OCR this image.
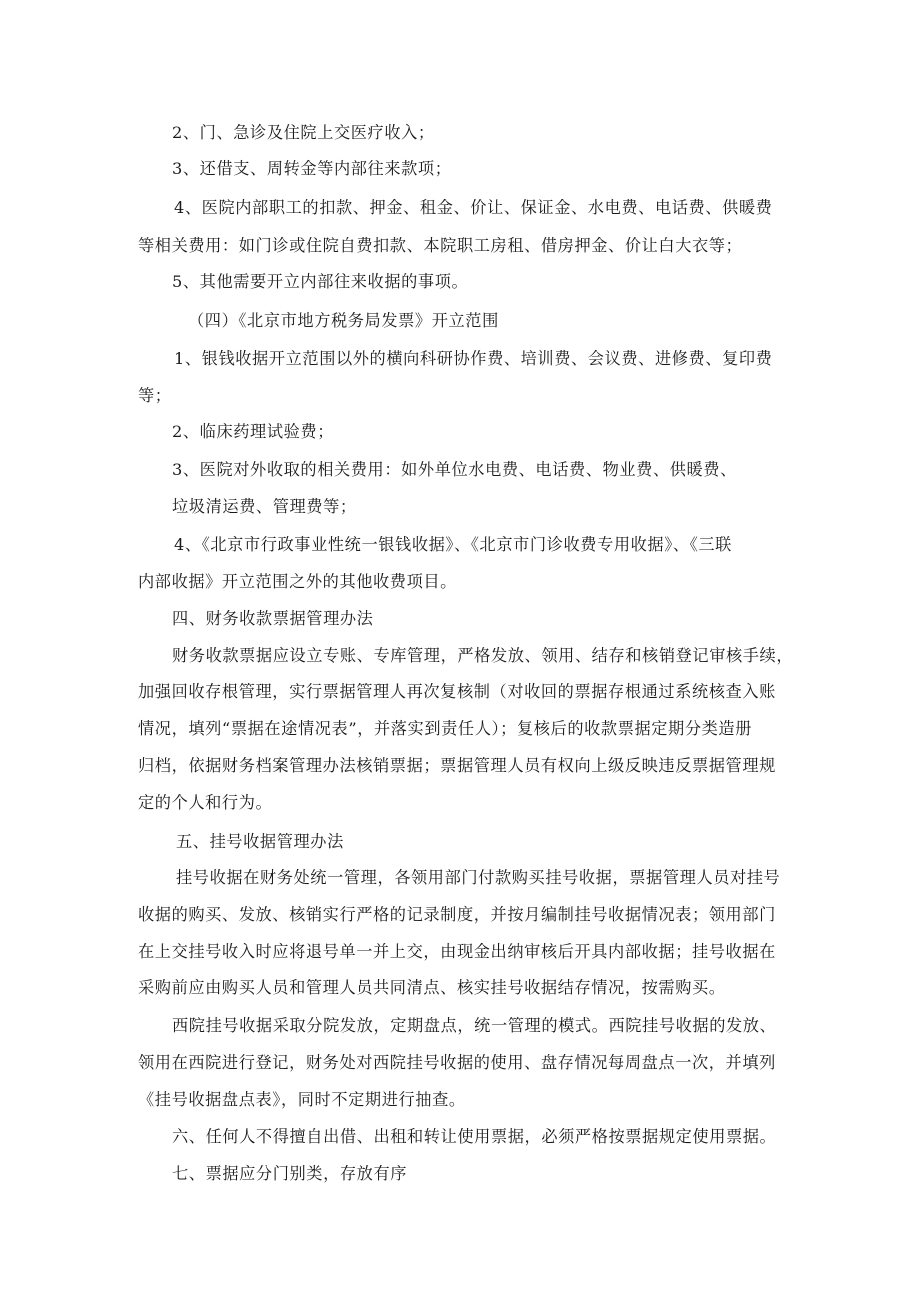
2、门、急诊及住院上交医疗收入；

3、还借支、周转金等内部往来款项；

4、医院内部职工的扣款、押金、租金、价让、保证金、水电费、电话费、供暖费

等相关费用：如门诊或住院自费扣款、本院职工房租、借房押金、价让白大衣等；

5、其他需要开立内部往来收据的事项。

（四）《北京市地方税务局发票》开立范围

1、银钱收据开立范围以外的横向科研协作费、培训费、会议费、进修费、复印费

等；

2、临床药理试验费；

3、医院对外收取的相关费用：如外单位水电费、电话费、物业费、供暖费、

垃圾清运费、管理费等；

4、《北京市行政事业性统一银钱收据》、《北京市门诊收费专用收据》、《三联

内部收据》开立范围之外的其他收费项目。

四、财务收款票据管理办法

财务收款票据应设立专账、专库管理，严格发放、领用、结存和核销登记审核手续，

加强回收存根管理，实行票据管理人再次复核制（对收回的票据存根通过系统核查入账

情况，填列“票据在途情况表”，并落实到责任人）；复核后的收款票据定期分类造册

归档，依据财务档案管理办法核销票据；票据管理人员有权向上级反映违反票据管理规

定的个人和行为。

五、挂号收据管理办法

挂号收据在财务处统一管理，各领用部门付款购买挂号收据，票据管理人员对挂号

收据的购买、发放、核销实行严格的记录制度，并按月编制挂号收据情况表；领用部门

在上交挂号收入时应将退号单一并上交，由现金出纳审核后开具内部收据；挂号收据在

采购前应由购买人员和管理人员共同清点、核实挂号收据结存情况，按需购买。

西院挂号收据采取分院发放，定期盘点，统一管理的模式。西院挂号收据的发放、

领用在西院进行登记，财务处对西院挂号收据的使用、盘存情况每周盘点一次，并填列

《挂号收据盘点表》，同时不定期进行抽查。

六、任何人不得擅自出借、出租和转让使用票据，必须严格按票据规定使用票据。

七、票据应分门别类，存放有序
